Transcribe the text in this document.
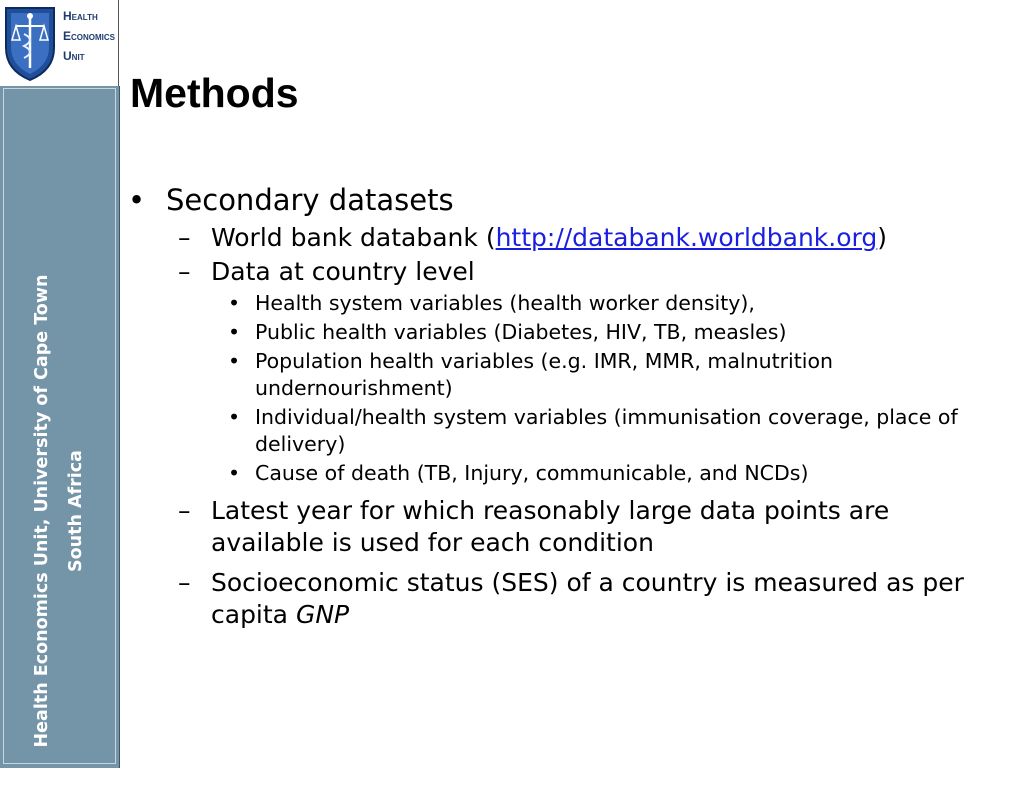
Health
Economics
Unit
Health Economics Unit, University of Cape Town South Africa
Methods
• Secondary datasets
– World bank databank (http://databank.worldbank.org)
– Data at country level
• Health system variables (health worker density),
• Public health variables (Diabetes, HIV, TB, measles)
• Population health variables (e.g. IMR, MMR, malnutrition undernourishment)
• Individual/health system variables (immunisation coverage, place of delivery)
• Cause of death (TB, Injury, communicable, and NCDs)
– Latest year for which reasonably large data points are available is used for each condition
– Socioeconomic status (SES) of a country is measured as per capita GNP
